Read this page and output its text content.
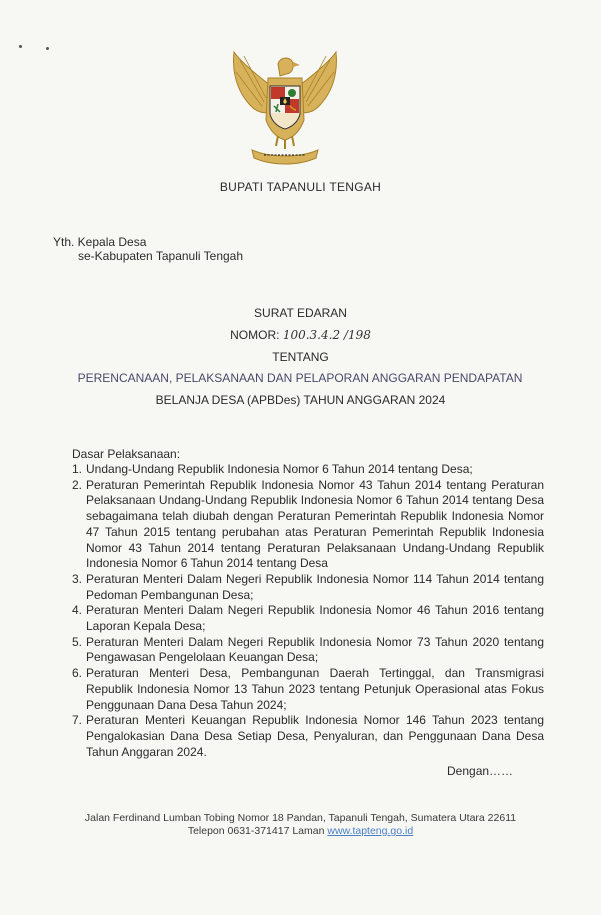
BUPATI TAPANULI TENGAH
Yth. Kepala Desa
se-Kabupaten Tapanuli Tengah
SURAT EDARAN
NOMOR: 100.3.4.2 /198
TENTANG
PERENCANAAN, PELAKSANAAN DAN PELAPORAN ANGGARAN PENDAPATAN
BELANJA DESA (APBDes) TAHUN ANGGARAN 2024
Dasar Pelaksanaan:
1. Undang-Undang Republik Indonesia Nomor 6 Tahun 2014 tentang Desa;
2. Peraturan Pemerintah Republik Indonesia Nomor 43 Tahun 2014 tentang Peraturan Pelaksanaan Undang-Undang Republik Indonesia Nomor 6 Tahun 2014 tentang Desa sebagaimana telah diubah dengan Peraturan Pemerintah Republik Indonesia Nomor 47 Tahun 2015 tentang perubahan atas Peraturan Pemerintah Republik Indonesia Nomor 43 Tahun 2014 tentang Peraturan Pelaksanaan Undang-Undang Republik Indonesia Nomor 6 Tahun 2014 tentang Desa
3. Peraturan Menteri Dalam Negeri Republik Indonesia Nomor 114 Tahun 2014 tentang Pedoman Pembangunan Desa;
4. Peraturan Menteri Dalam Negeri Republik Indonesia Nomor 46 Tahun 2016 tentang Laporan Kepala Desa;
5. Peraturan Menteri Dalam Negeri Republik Indonesia Nomor 73 Tahun 2020 tentang Pengawasan Pengelolaan Keuangan Desa;
6. Peraturan Menteri Desa, Pembangunan Daerah Tertinggal, dan Transmigrasi Republik Indonesia Nomor 13 Tahun 2023 tentang Petunjuk Operasional atas Fokus Penggunaan Dana Desa Tahun 2024;
7. Peraturan Menteri Keuangan Republik Indonesia Nomor 146 Tahun 2023 tentang Pengalokasian Dana Desa Setiap Desa, Penyaluran, dan Penggunaan Dana Desa Tahun Anggaran 2024.
Dengan……
Jalan Ferdinand Lumban Tobing Nomor 18 Pandan, Tapanuli Tengah, Sumatera Utara 22611
Telepon 0631-371417 Laman www.tapteng.go.id
